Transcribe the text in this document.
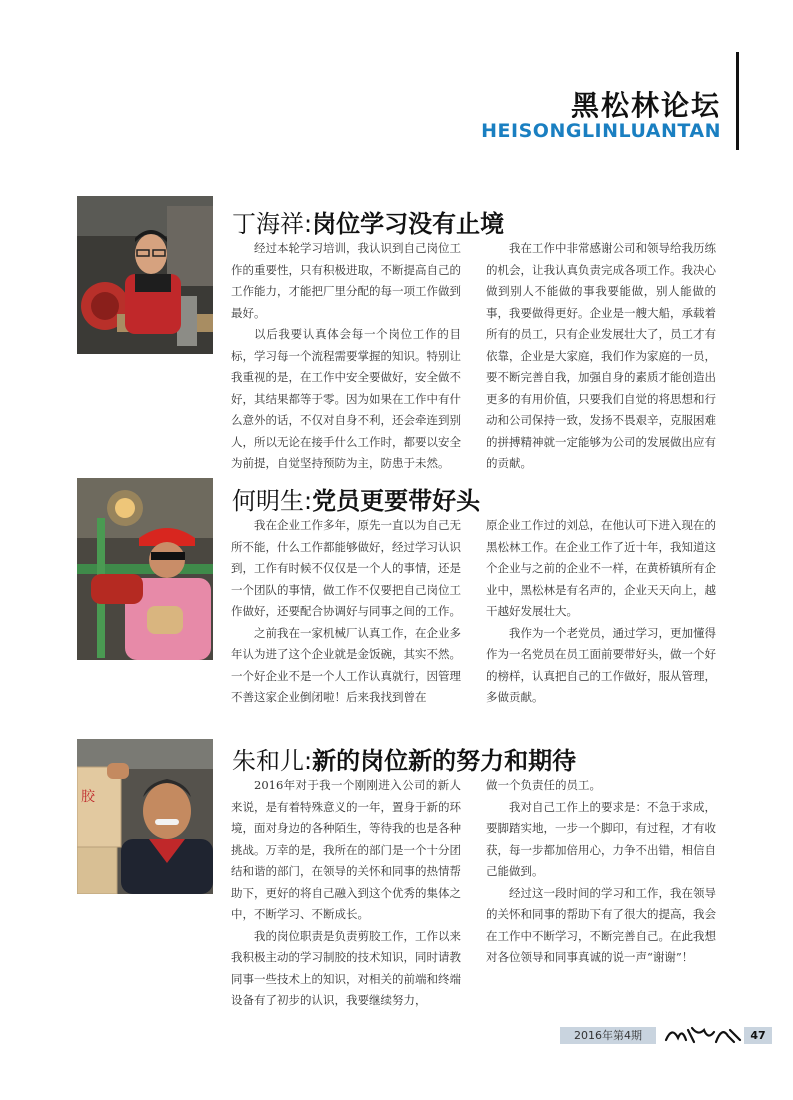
黑松林论坛
HEISONGLINLUANTAN
丁海祥:岗位学习没有止境

经过本轮学习培训，我认识到自己岗位工作的重要性，只有积极进取，不断提高自己的工作能力，才能把厂里分配的每一项工作做到最好。

以后我要认真体会每一个岗位工作的目标，学习每一个流程需要掌握的知识。特别让我重视的是，在工作中安全要做好，安全做不好，其结果都等于零。因为如果在工作中有什么意外的话，不仅对自身不利，还会牵连到别人，所以无论在接手什么工作时，都要以安全为前提，自觉坚持预防为主，防患于未然。

我在工作中非常感谢公司和领导给我历练的机会，让我认真负责完成各项工作。我决心做到别人不能做的事我要能做，别人能做的事，我要做得更好。企业是一艘大船，承载着所有的员工，只有企业发展壮大了，员工才有依靠，企业是大家庭，我们作为家庭的一员，要不断完善自我，加强自身的素质才能创造出更多的有用价值，只要我们自觉的将思想和行动和公司保持一致，发扬不畏艰辛，克服困难的拼搏精神就一定能够为公司的发展做出应有的贡献。

何明生:党员更要带好头

我在企业工作多年，原先一直以为自己无所不能，什么工作都能够做好，经过学习认识到，工作有时候不仅仅是一个人的事情，还是一个团队的事情，做工作不仅要把自己岗位工作做好，还要配合协调好与同事之间的工作。

之前我在一家机械厂认真工作，在企业多年认为进了这个企业就是金饭碗，其实不然。一个好企业不是一个人工作认真就行，因管理不善这家企业倒闭啦！后来我找到曾在

原企业工作过的刘总，在他认可下进入现在的黑松林工作。在企业工作了近十年，我知道这个企业与之前的企业不一样，在黄桥镇所有企业中，黑松林是有名声的，企业天天向上，越干越好发展壮大。

我作为一个老党员，通过学习，更加懂得作为一名党员在员工面前要带好头，做一个好的榜样，认真把自己的工作做好，服从管理，多做贡献。

胶
朱和儿:新的岗位新的努力和期待

2016年对于我一个刚刚进入公司的新人来说，是有着特殊意义的一年，置身于新的环境，面对身边的各种陌生，等待我的也是各种挑战。万幸的是，我所在的部门是一个十分团结和谐的部门，在领导的关怀和同事的热情帮助下，更好的将自己融入到这个优秀的集体之中，不断学习、不断成长。

我的岗位职责是负责剪胶工作，工作以来我积极主动的学习制胶的技术知识，同时请教同事一些技术上的知识，对相关的前端和终端设备有了初步的认识，我要继续努力，

做一个负责任的员工。

我对自己工作上的要求是：不急于求成，要脚踏实地，一步一个脚印，有过程，才有收获，每一步都加倍用心，力争不出错，相信自己能做到。

经过这一段时间的学习和工作，我在领导的关怀和同事的帮助下有了很大的提高，我会在工作中不断学习，不断完善自己。在此我想对各位领导和同事真诚的说一声“谢谢”！

2016年第4期	47
